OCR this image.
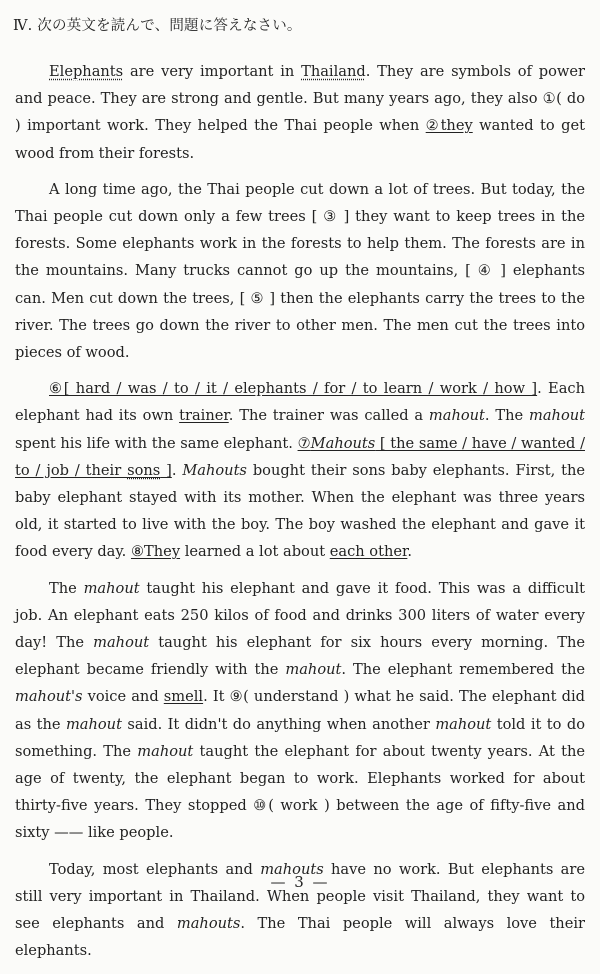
Ⅳ. 次の英文を読んで、問題に答えなさい。

Elephants are very important in Thailand. They are symbols of power and peace. They are strong and gentle. But many years ago, they also ①( do ) important work. They helped the Thai people when ②they wanted to get wood from their forests.

A long time ago, the Thai people cut down a lot of trees. But today, the Thai people cut down only a few trees [ ③ ] they want to keep trees in the forests. Some elephants work in the forests to help them. The forests are in the mountains. Many trucks cannot go up the mountains, [ ④ ] elephants can. Men cut down the trees, [ ⑤ ] then the elephants carry the trees to the river. The trees go down the river to other men. The men cut the trees into pieces of wood.

⑥[ hard / was / to / it / elephants / for / to learn / work / how ]. Each elephant had its own trainer. The trainer was called a mahout. The mahout spent his life with the same elephant. ⑦Mahouts [ the same / have / wanted / to / job / their sons ]. Mahouts bought their sons baby elephants. First, the baby elephant stayed with its mother. When the elephant was three years old, it started to live with the boy. The boy washed the elephant and gave it food every day. ⑧They learned a lot about each other.

The mahout taught his elephant and gave it food. This was a difficult job. An elephant eats 250 kilos of food and drinks 300 liters of water every day! The mahout taught his elephant for six hours every morning. The elephant became friendly with the mahout. The elephant remembered the mahout's voice and smell. It ⑨( understand ) what he said. The elephant did as the mahout said. It didn't do anything when another mahout told it to do something. The mahout taught the elephant for about twenty years. At the age of twenty, the elephant began to work. Elephants worked for about thirty-five years. They stopped ⑩( work ) between the age of fifty-five and sixty —— like people.

Today, most elephants and mahouts have no work. But elephants are still very important in Thailand. When people visit Thailand, they want to see elephants and mahouts. The Thai people will always love their elephants.

— 3 —
